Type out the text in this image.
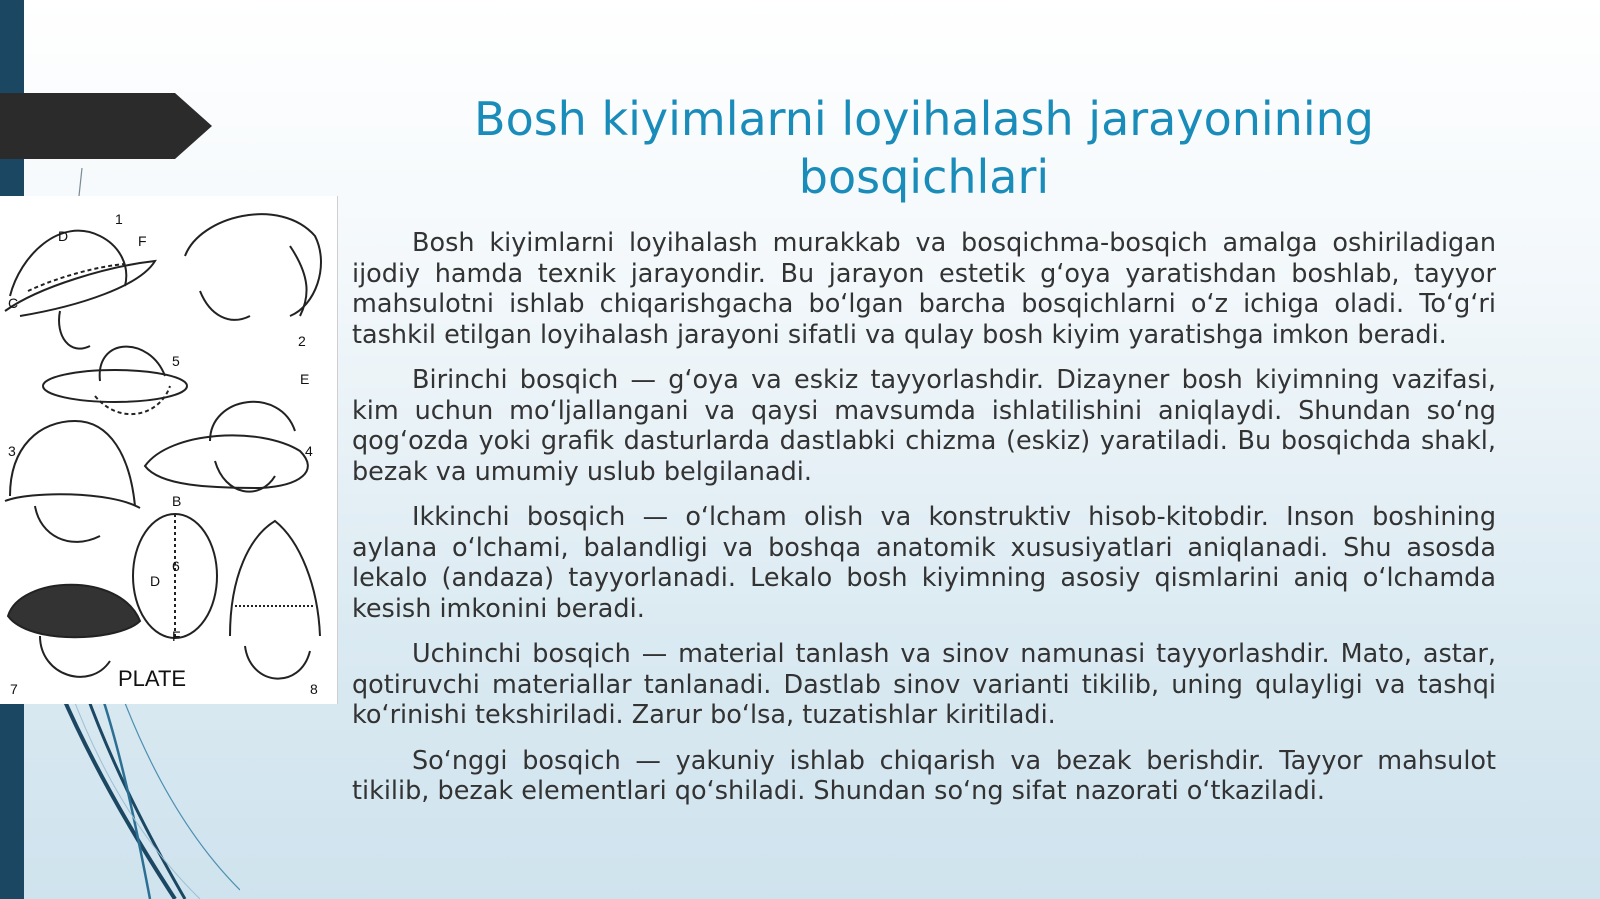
1
2
5
3	4
6
7	8
D	F
C
E
B
D
F
PLATE
Bosh kiyimlarni loyihalash jarayonining
bosqichlari

Bosh kiyimlarni loyihalash murakkab va bosqichma-bosqich amalga oshiriladigan ijodiy hamda texnik jarayondir. Bu jarayon estetik g‘oya yaratishdan boshlab, tayyor mahsulotni ishlab chiqarishgacha bo‘lgan barcha bosqichlarni o‘z ichiga oladi. To‘g‘ri tashkil etilgan loyihalash jarayoni sifatli va qulay bosh kiyim yaratishga imkon beradi.

Birinchi bosqich — g‘oya va eskiz tayyorlashdir. Dizayner bosh kiyimning vazifasi, kim uchun mo‘ljallangani va qaysi mavsumda ishlatilishini aniqlaydi. Shundan so‘ng qog‘ozda yoki grafik dasturlarda dastlabki chizma (eskiz) yaratiladi. Bu bosqichda shakl, bezak va umumiy uslub belgilanadi.

Ikkinchi bosqich — o‘lcham olish va konstruktiv hisob-kitobdir. Inson boshining aylana o‘lchami, balandligi va boshqa anatomik xususiyatlari aniqlanadi. Shu asosda lekalo (andaza) tayyorlanadi. Lekalo bosh kiyimning asosiy qismlarini aniq o‘lchamda kesish imkonini beradi.

Uchinchi bosqich — material tanlash va sinov namunasi tayyorlashdir. Mato, astar, qotiruvchi materiallar tanlanadi. Dastlab sinov varianti tikilib, uning qulayligi va tashqi ko‘rinishi tekshiriladi. Zarur bo‘lsa, tuzatishlar kiritiladi.

So‘nggi bosqich — yakuniy ishlab chiqarish va bezak berishdir. Tayyor mahsulot tikilib, bezak elementlari qo‘shiladi. Shundan so‘ng sifat nazorati o‘tkaziladi.
